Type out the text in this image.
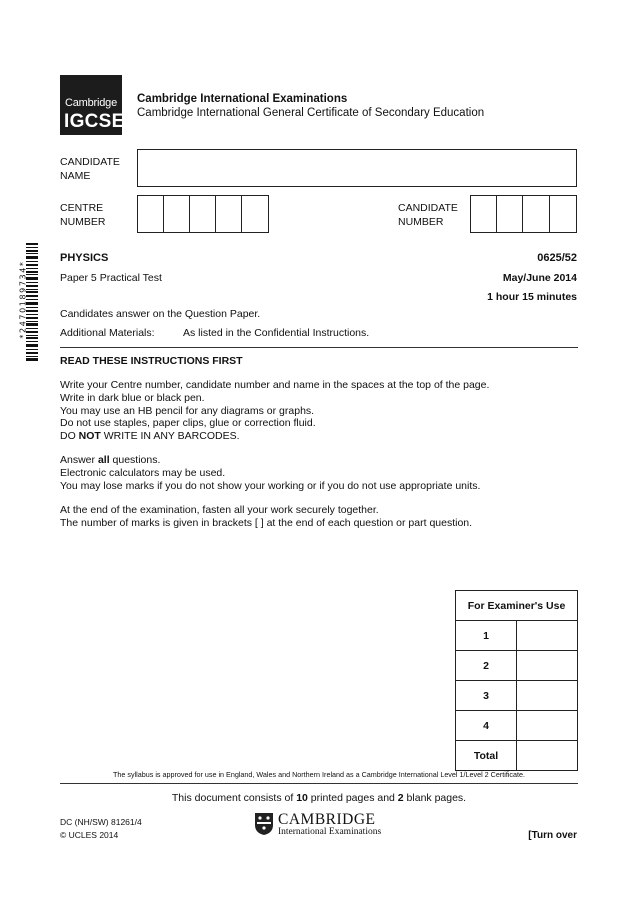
Cambridge
IGCSE
Cambridge International Examinations
Cambridge International General Certificate of Secondary Education
CANDIDATE
NAME
CENTRE
NUMBER
CANDIDATE
NUMBER
*2470189734*
PHYSICS	0625/52
Paper 5 Practical Test	May/June 2014
1 hour 15 minutes
Candidates answer on the Question Paper.
Additional Materials:	As listed in the Confidential Instructions.
READ THESE INSTRUCTIONS FIRST
Write your Centre number, candidate number and name in the spaces at the top of the page.
Write in dark blue or black pen.
You may use an HB pencil for any diagrams or graphs.
Do not use staples, paper clips, glue or correction fluid.
DO NOT WRITE IN ANY BARCODES.
Answer all questions.
Electronic calculators may be used.
You may lose marks if you do not show your working or if you do not use appropriate units.
At the end of the examination, fasten all your work securely together.
The number of marks is given in brackets [ ] at the end of each question or part question.
For Examiner's Use	
1	
2	
3	
4	
Total	
The syllabus is approved for use in England, Wales and Northern Ireland as a Cambridge International Level 1/Level 2 Certificate.
This document consists of 10 printed pages and 2 blank pages.
DC (NH/SW) 81261/4
© UCLES 2014
CAMBRIDGE
International Examinations	[Turn over
